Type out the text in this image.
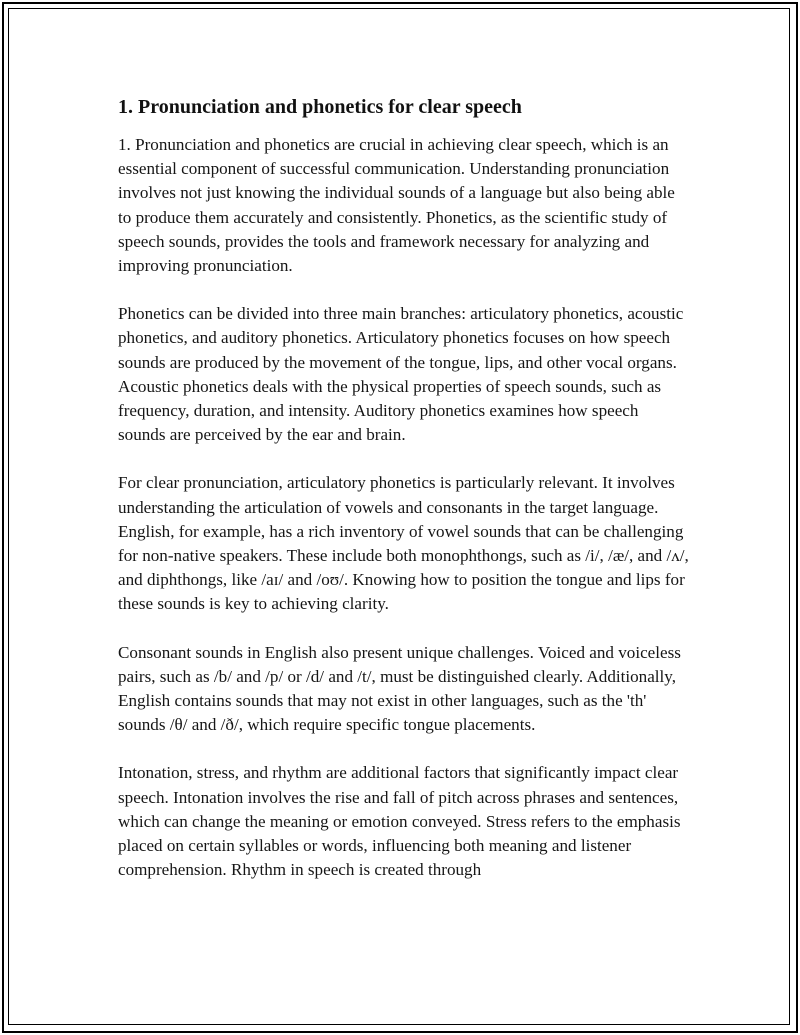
1. Pronunciation and phonetics for clear speech

1. Pronunciation and phonetics are crucial in achieving clear speech, which is an essential component of successful communication. Understanding pronunciation involves not just knowing the individual sounds of a language but also being able to produce them accurately and consistently. Phonetics, as the scientific study of speech sounds, provides the tools and framework necessary for analyzing and improving pronunciation.

Phonetics can be divided into three main branches: articulatory phonetics, acoustic phonetics, and auditory phonetics. Articulatory phonetics focuses on how speech sounds are produced by the movement of the tongue, lips, and other vocal organs. Acoustic phonetics deals with the physical properties of speech sounds, such as frequency, duration, and intensity. Auditory phonetics examines how speech sounds are perceived by the ear and brain.

For clear pronunciation, articulatory phonetics is particularly relevant. It involves understanding the articulation of vowels and consonants in the target language. English, for example, has a rich inventory of vowel sounds that can be challenging for non-native speakers. These include both monophthongs, such as /i/, /æ/, and /ʌ/, and diphthongs, like /aɪ/ and /oʊ/. Knowing how to position the tongue and lips for these sounds is key to achieving clarity.

Consonant sounds in English also present unique challenges. Voiced and voiceless pairs, such as /b/ and /p/ or /d/ and /t/, must be distinguished clearly. Additionally, English contains sounds that may not exist in other languages, such as the 'th' sounds /θ/ and /ð/, which require specific tongue placements.

Intonation, stress, and rhythm are additional factors that significantly impact clear speech. Intonation involves the rise and fall of pitch across phrases and sentences, which can change the meaning or emotion conveyed. Stress refers to the emphasis placed on certain syllables or words, influencing both meaning and listener comprehension. Rhythm in speech is created through
